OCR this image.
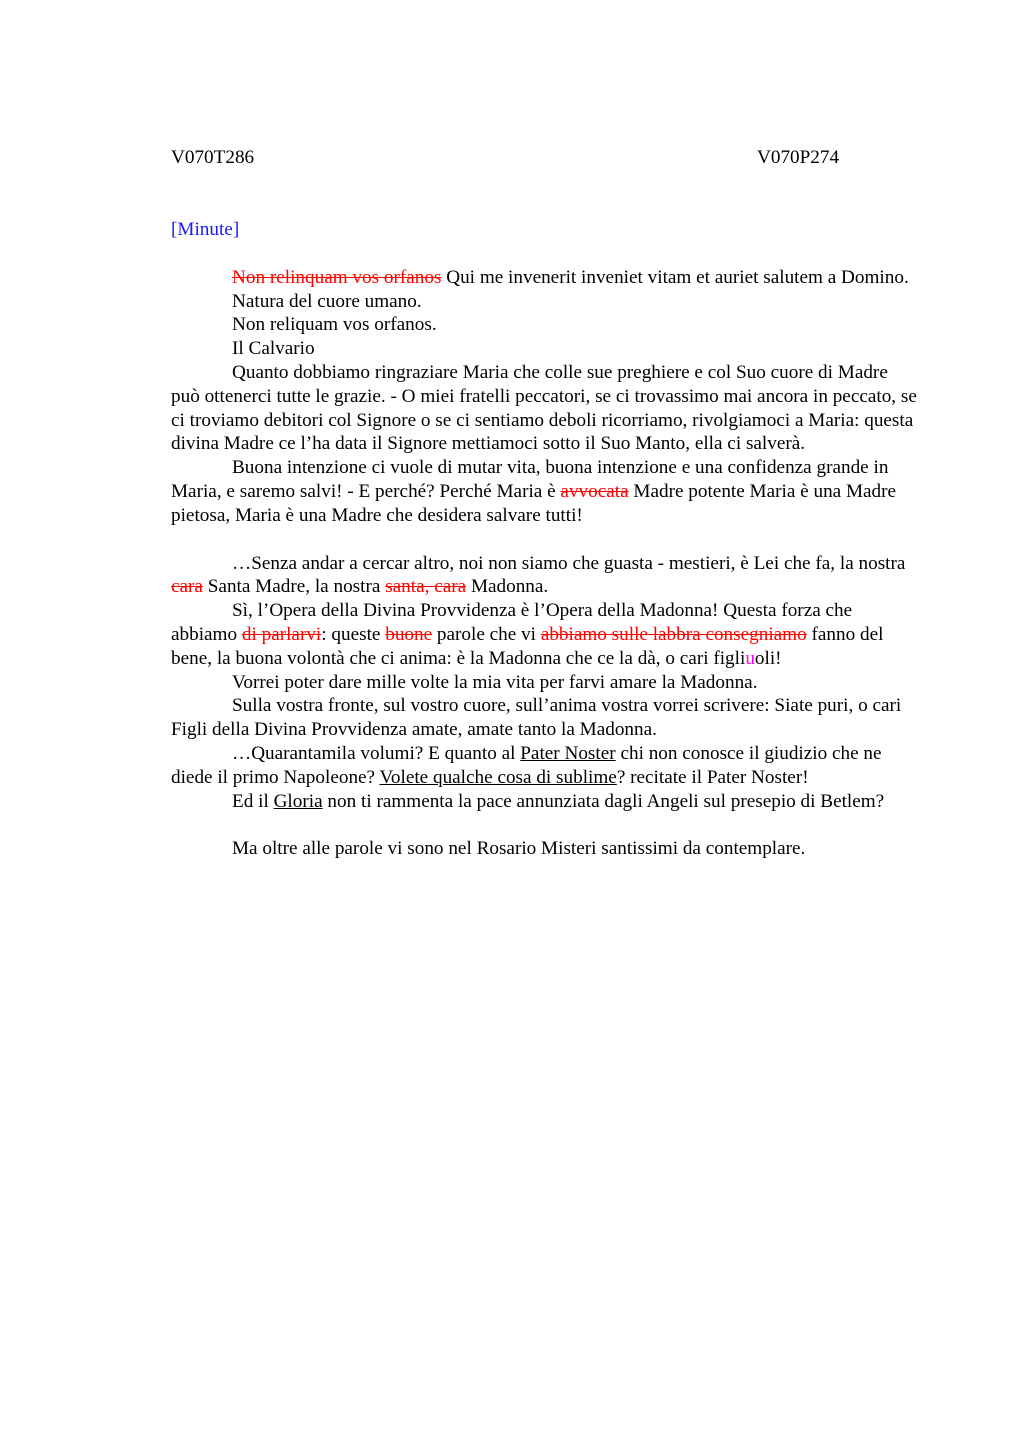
V070T286	V070P274
[Minute]

Non relinquam vos orfanos Qui me invenerit inveniet vitam et auriet salutem a Domino.

Natura del cuore umano.

Non reliquam vos orfanos.

Il Calvario

Quanto dobbiamo ringraziare Maria che colle sue preghiere e col Suo cuore di Madre può ottenerci tutte le grazie. - O miei fratelli peccatori, se ci trovassimo mai ancora in peccato, se ci troviamo debitori col Signore o se ci sentiamo deboli ricorriamo, rivolgiamoci a Maria: questa divina Madre ce l’ha data il Signore mettiamoci sotto il Suo Manto, ella ci salverà.

Buona intenzione ci vuole di mutar vita, buona intenzione e una confidenza grande in Maria, e saremo salvi! - E perché? Perché Maria è avvocata Madre potente Maria è una Madre pietosa, Maria è una Madre che desidera salvare tutti!

…Senza andar a cercar altro, noi non siamo che guasta - mestieri, è Lei che fa, la nostra cara Santa Madre, la nostra santa, cara Madonna.

Sì, l’Opera della Divina Provvidenza è l’Opera della Madonna! Questa forza che abbiamo di parlarvi: queste buone parole che vi abbiamo sulle labbra consegniamo fanno del bene, la buona volontà che ci anima: è la Madonna che ce la dà, o cari figliuoli!

Vorrei poter dare mille volte la mia vita per farvi amare la Madonna.

Sulla vostra fronte, sul vostro cuore, sull’anima vostra vorrei scrivere: Siate puri, o cari Figli della Divina Provvidenza amate, amate tanto la Madonna.

…Quarantamila volumi? E quanto al Pater Noster chi non conosce il giudizio che ne diede il primo Napoleone? Volete qualche cosa di sublime? recitate il Pater Noster!

Ed il Gloria non ti rammenta la pace annunziata dagli Angeli sul presepio di Betlem?

Ma oltre alle parole vi sono nel Rosario Misteri santissimi da contemplare.
